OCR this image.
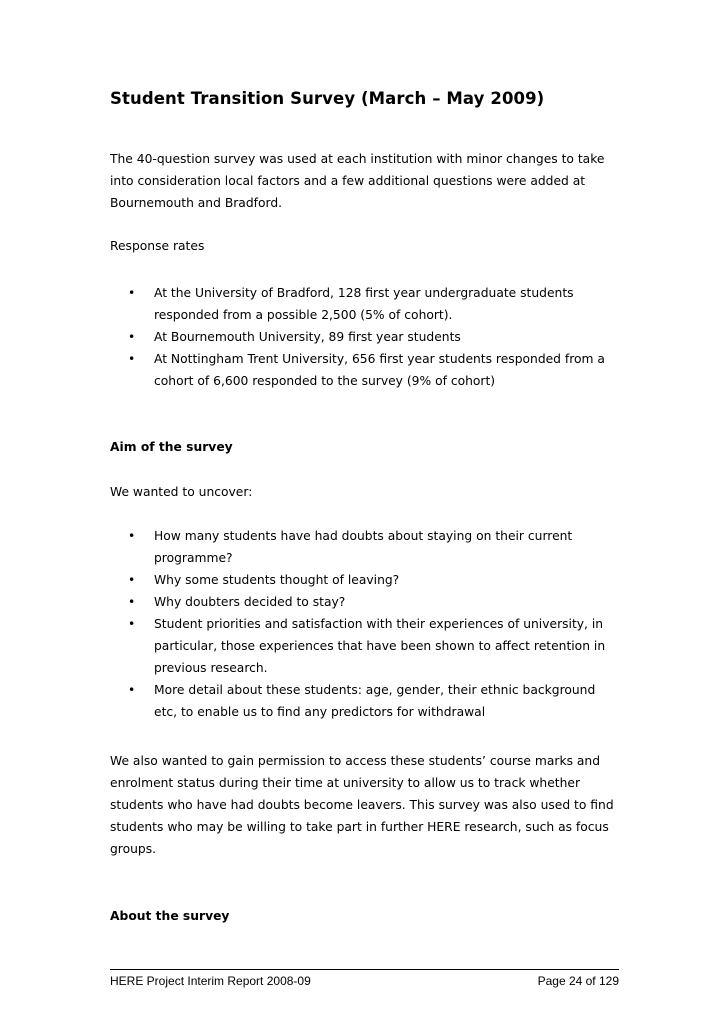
Student Transition Survey (March – May 2009)

The 40-question survey was used at each institution with minor changes to take
into consideration local factors and a few additional questions were added at
Bournemouth and Bradford.

Response rates

• At the University of Bradford, 128 first year undergraduate students
responded from a possible 2,500 (5% of cohort).
• At Bournemouth University, 89 first year students
• At Nottingham Trent University, 656 first year students responded from a
cohort of 6,600 responded to the survey (9% of cohort)
Aim of the survey

We wanted to uncover:

• How many students have had doubts about staying on their current
programme?
• Why some students thought of leaving?
• Why doubters decided to stay?
• Student priorities and satisfaction with their experiences of university, in
particular, those experiences that have been shown to affect retention in
previous research.
• More detail about these students: age, gender, their ethnic background
etc, to enable us to find any predictors for withdrawal

We also wanted to gain permission to access these students’ course marks and
enrolment status during their time at university to allow us to track whether
students who have had doubts become leavers. This survey was also used to find
students who may be willing to take part in further HERE research, such as focus
groups.

About the survey
HERE Project Interim Report 2008-09	Page 24 of 129
